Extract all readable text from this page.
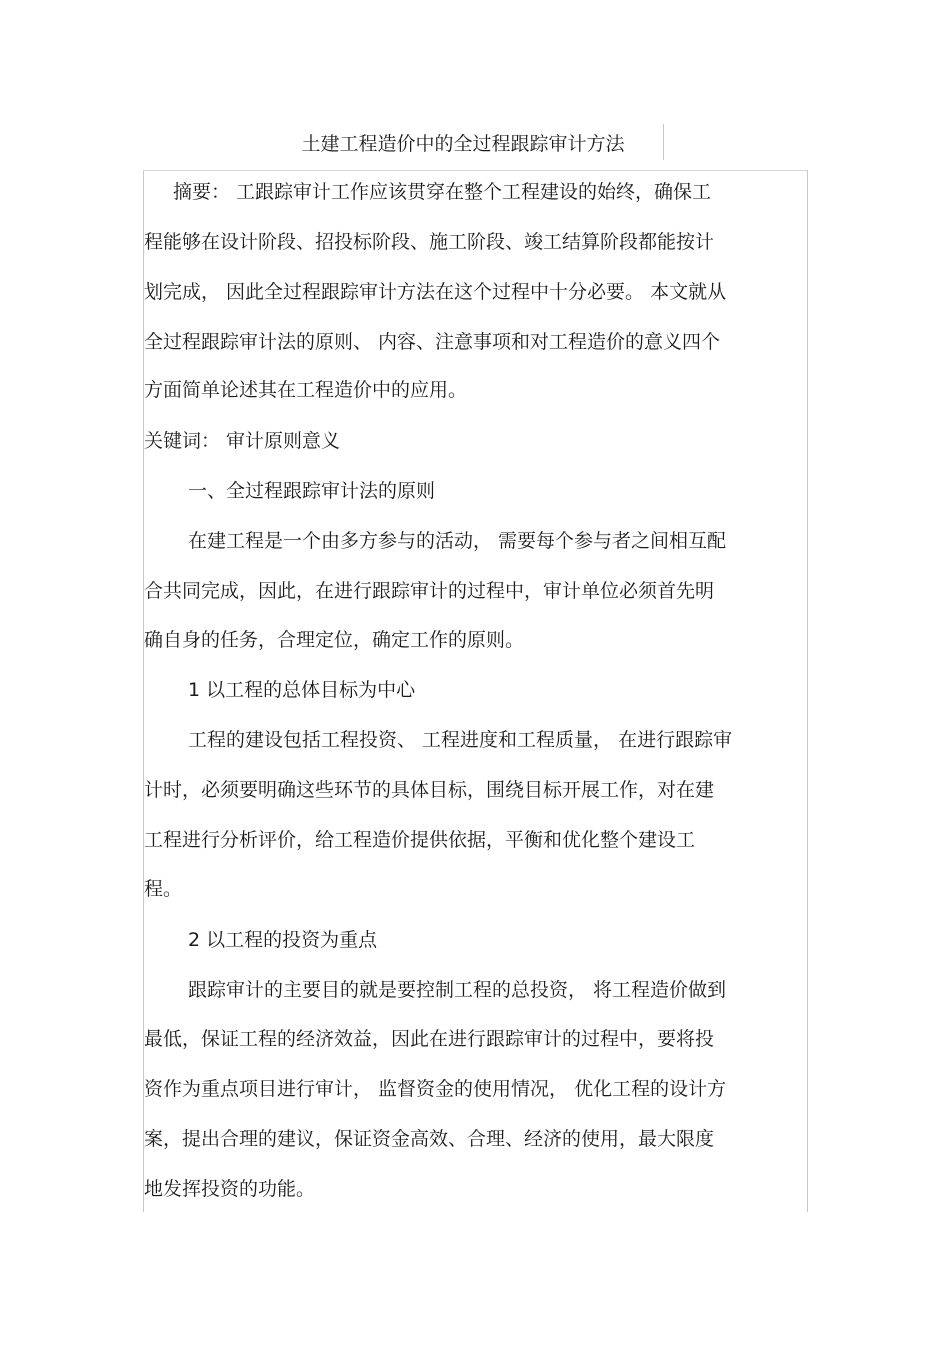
土建工程造价中的全过程跟踪审计方法
摘要： 工跟踪审计工作应该贯穿在整个工程建设的始终，确保工
程能够在设计阶段、招投标阶段、施工阶段、竣工结算阶段都能按计
划完成， 因此全过程跟踪审计方法在这个过程中十分必要。 本文就从
全过程跟踪审计法的原则、 内容、注意事项和对工程造价的意义四个
方面简单论述其在工程造价中的应用。
关键词： 审计原则意义
一、全过程跟踪审计法的原则
在建工程是一个由多方参与的活动， 需要每个参与者之间相互配
合共同完成，因此，在进行跟踪审计的过程中，审计单位必须首先明
确自身的任务，合理定位，确定工作的原则。
1 以工程的总体目标为中心
工程的建设包括工程投资、 工程进度和工程质量， 在进行跟踪审
计时，必须要明确这些环节的具体目标，围绕目标开展工作，对在建
工程进行分析评价，给工程造价提供依据，平衡和优化整个建设工
程。
2 以工程的投资为重点
跟踪审计的主要目的就是要控制工程的总投资， 将工程造价做到
最低，保证工程的经济效益，因此在进行跟踪审计的过程中，要将投
资作为重点项目进行审计， 监督资金的使用情况， 优化工程的设计方
案，提出合理的建议，保证资金高效、合理、经济的使用，最大限度
地发挥投资的功能。
